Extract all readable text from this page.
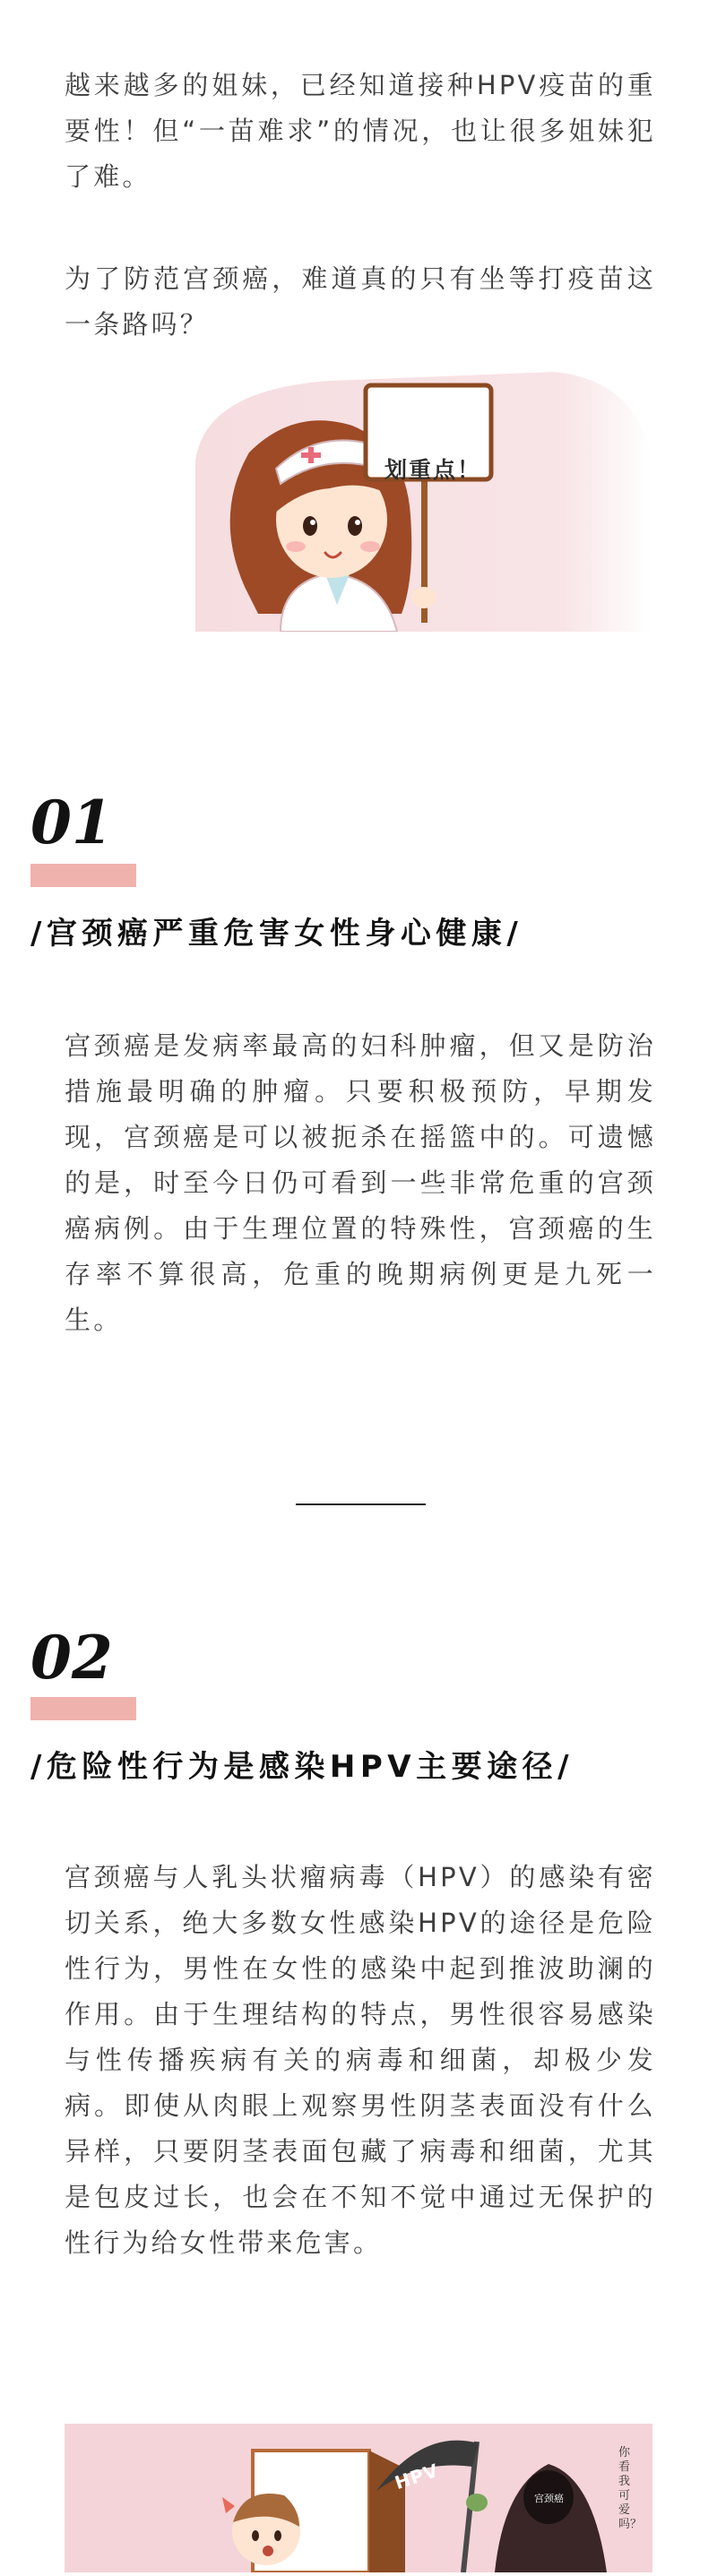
越来越多的姐妹，已经知道接种HPV疫苗的重要性！但“一苗难求”的情况，也让很多姐妹犯了难。

为了防范宫颈癌，难道真的只有坐等打疫苗这一条路吗？

划重点！
01
/宫颈癌严重危害女性身心健康/

宫颈癌是发病率最高的妇科肿瘤，但又是防治措施最明确的肿瘤。只要积极预防，早期发现，宫颈癌是可以被扼杀在摇篮中的。可遗憾的是，时至今日仍可看到一些非常危重的宫颈癌病例。由于生理位置的特殊性，宫颈癌的生存率不算很高，危重的晚期病例更是九死一生。

02
/危险性行为是感染HPV主要途径/

宫颈癌与人乳头状瘤病毒（HPV）的感染有密切关系，绝大多数女性感染HPV的途径是危险性行为，男性在女性的感染中起到推波助澜的作用。由于生理结构的特点，男性很容易感染与性传播疾病有关的病毒和细菌，却极少发病。即使从肉眼上观察男性阴茎表面没有什么异样，只要阴茎表面包藏了病毒和细菌，尤其是包皮过长，也会在不知不觉中通过无保护的性行为给女性带来危害。

HPV
宫颈癌
你看我可爱吗？
